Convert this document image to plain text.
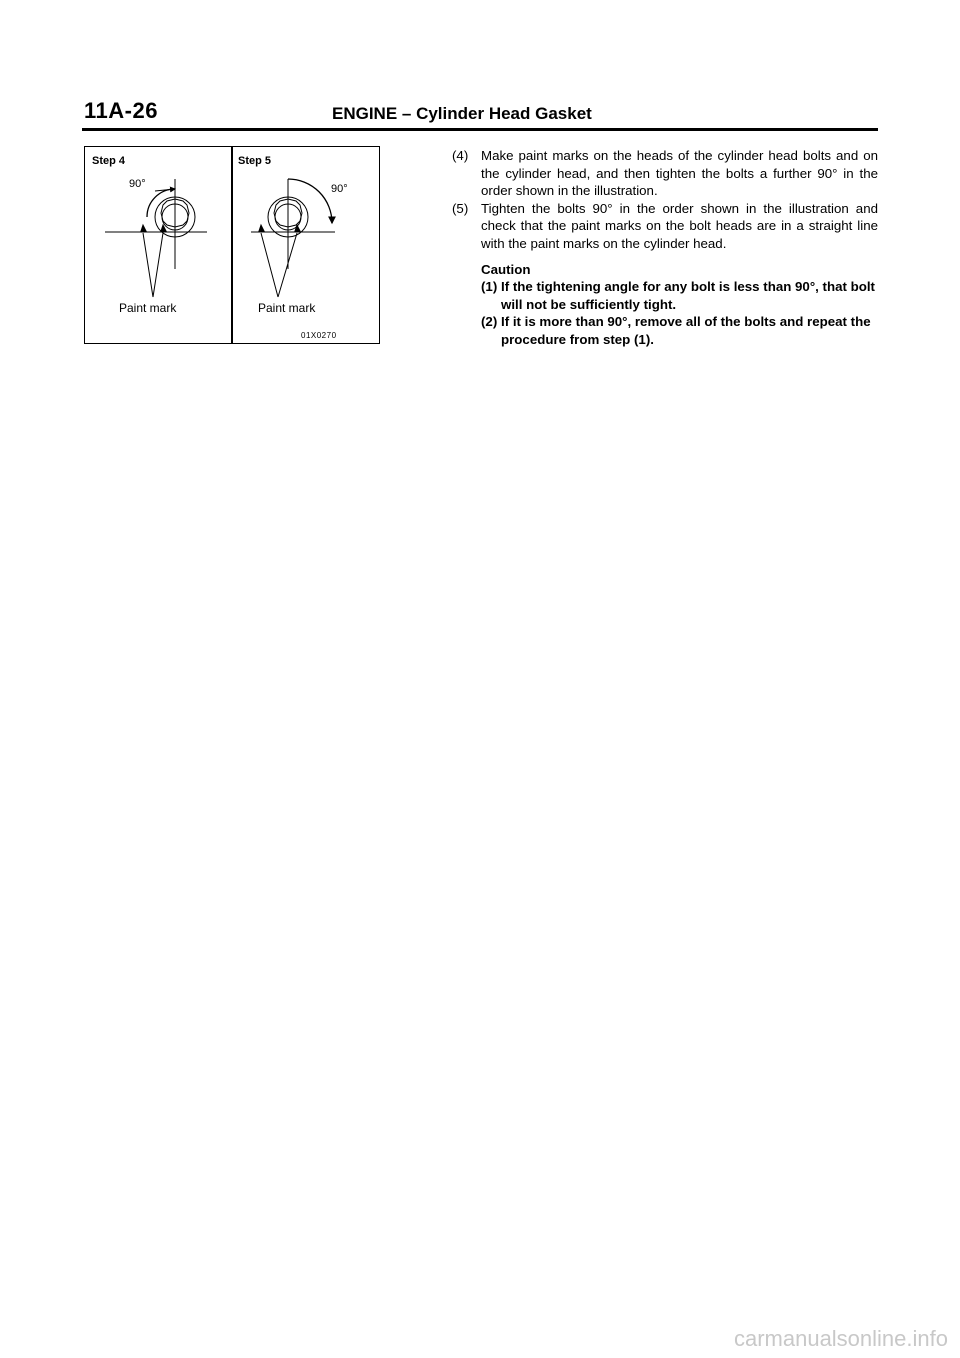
11A-26	ENGINE – Cylinder Head Gasket
Step 4
90°
Paint mark
Step 5
90°
Paint mark
01X0270

(4) Make paint marks on the heads of the cylinder head bolts and on the cylinder head, and then tighten the bolts a further 90° in the order shown in the illustration.

(5) Tighten the bolts 90° in the order shown in the illustration and check that the paint marks on the bolt heads are in a straight line with the paint marks on the cylinder head.

Caution

(1) If the tightening angle for any bolt is less than 90°, that bolt will not be sufficiently tight.

(2) If it is more than 90°, remove all of the bolts and repeat the procedure from step (1).

carmanualsonline.info
